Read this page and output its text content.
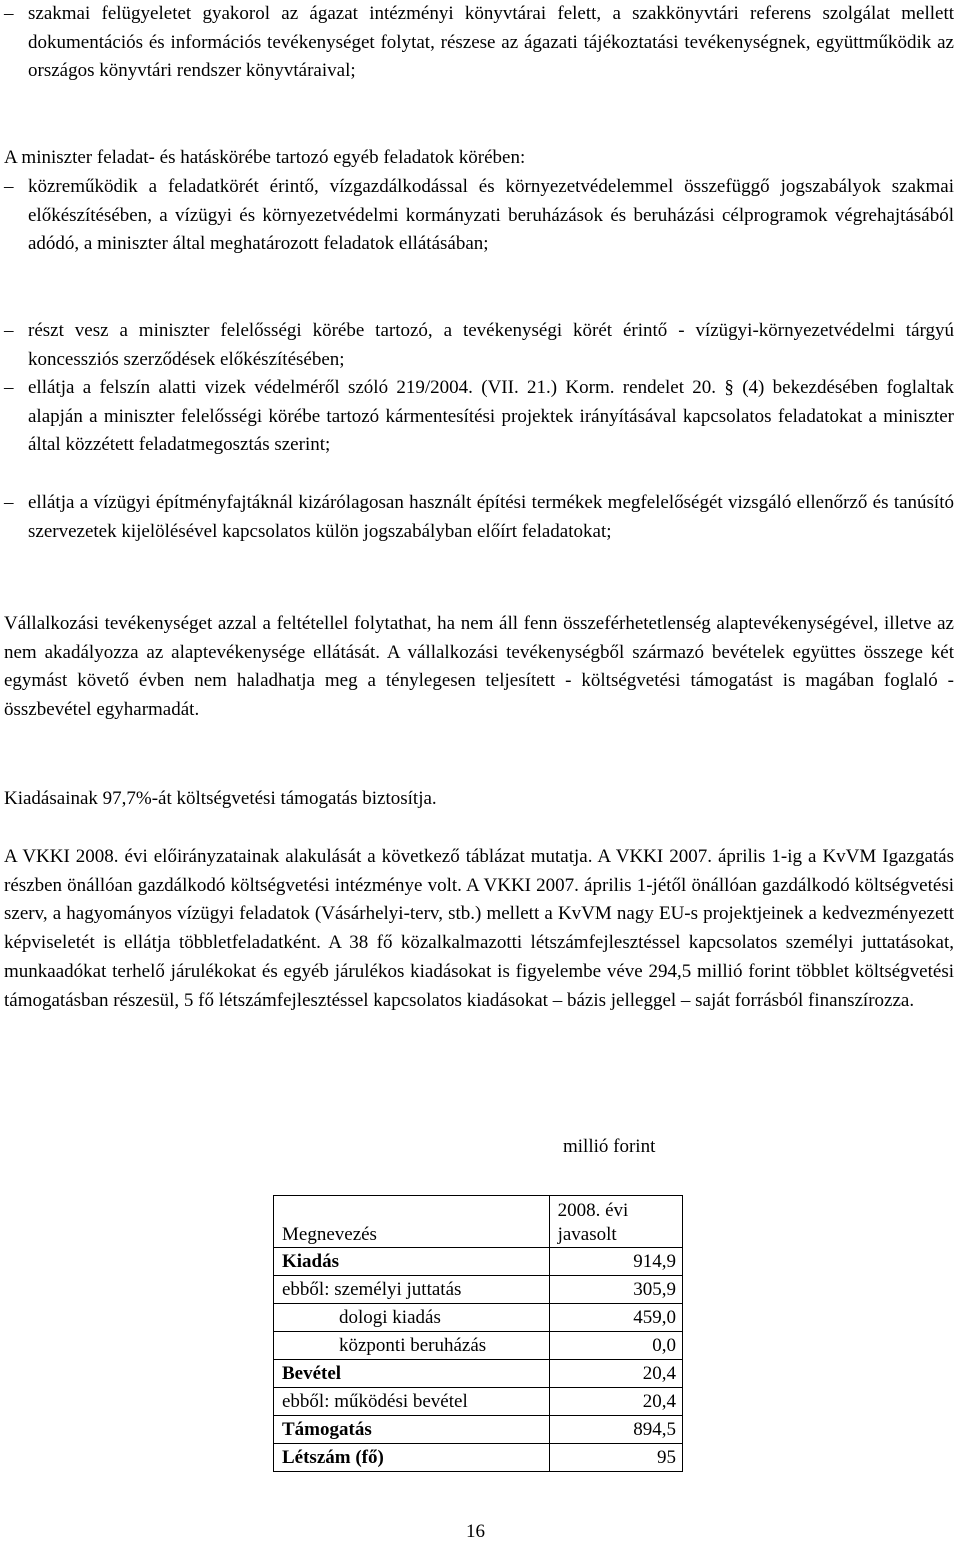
– szakmai felügyeletet gyakorol az ágazat intézményi könyvtárai felett, a szakkönyvtári referens szolgálat mellett dokumentációs és információs tevékenységet folytat, részese az ágazati tájékoztatási tevékenységnek, együttműködik az országos könyvtári rendszer könyvtáraival;

A miniszter feladat- és hatáskörébe tartozó egyéb feladatok körében:

– közreműködik a feladatkörét érintő, vízgazdálkodással és környezetvédelemmel összefüggő jogszabályok szakmai előkészítésében, a vízügyi és környezetvédelmi kormányzati beruházások és beruházási célprogramok végrehajtásából adódó, a miniszter által meghatározott feladatok ellátásában;
– részt vesz a miniszter felelősségi körébe tartozó, a tevékenységi körét érintő - vízügyi-környezetvédelmi tárgyú koncessziós szerződések előkészítésében;
– ellátja a felszín alatti vizek védelméről szóló 219/2004. (VII. 21.) Korm. rendelet 20. § (4) bekezdésében foglaltak alapján a miniszter felelősségi körébe tartozó kármentesítési projektek irányításával kapcsolatos feladatokat a miniszter által közzétett feladatmegosztás szerint;
– ellátja a vízügyi építményfajtáknál kizárólagosan használt építési termékek megfelelőségét vizsgáló ellenőrző és tanúsító szervezetek kijelölésével kapcsolatos külön jogszabályban előírt feladatokat;

Vállalkozási tevékenységet azzal a feltétellel folytathat, ha nem áll fenn összeférhetetlenség alaptevékenységével, illetve az nem akadályozza az alaptevékenysége ellátását. A vállalkozási tevékenységből származó bevételek együttes összege két egymást követő évben nem haladhatja meg a ténylegesen teljesített - költségvetési támogatást is magában foglaló - összbevétel egyharmadát.

Kiadásainak 97,7%-át költségvetési támogatás biztosítja.

A VKKI 2008. évi előirányzatainak alakulását a következő táblázat mutatja. A VKKI 2007. április 1-ig a KvVM Igazgatás részben önállóan gazdálkodó költségvetési intézménye volt. A VKKI 2007. április 1-jétől önállóan gazdálkodó költségvetési szerv, a hagyományos vízügyi feladatok (Vásárhelyi-terv, stb.) mellett a KvVM nagy EU-s projektjeinek a kedvezményezett képviseletét is ellátja többletfeladatként. A 38 fő közalkalmazotti létszámfejlesztéssel kapcsolatos személyi juttatásokat, munkaadókat terhelő járulékokat és egyéb járulékos kiadásokat is figyelembe véve 294,5 millió forint többlet költségvetési támogatásban részesül, 5 fő létszámfejlesztéssel kapcsolatos kiadásokat – bázis jelleggel – saját forrásból finanszírozza.

millió forint
Megnevezés	2008. évi javasolt
Kiadás	914,9
ebből: személyi juttatás	305,9
dologi kiadás	459,0
központi beruházás	0,0
Bevétel	20,4
ebből: működési bevétel	20,4
Támogatás	894,5
Létszám (fő)	95
16
